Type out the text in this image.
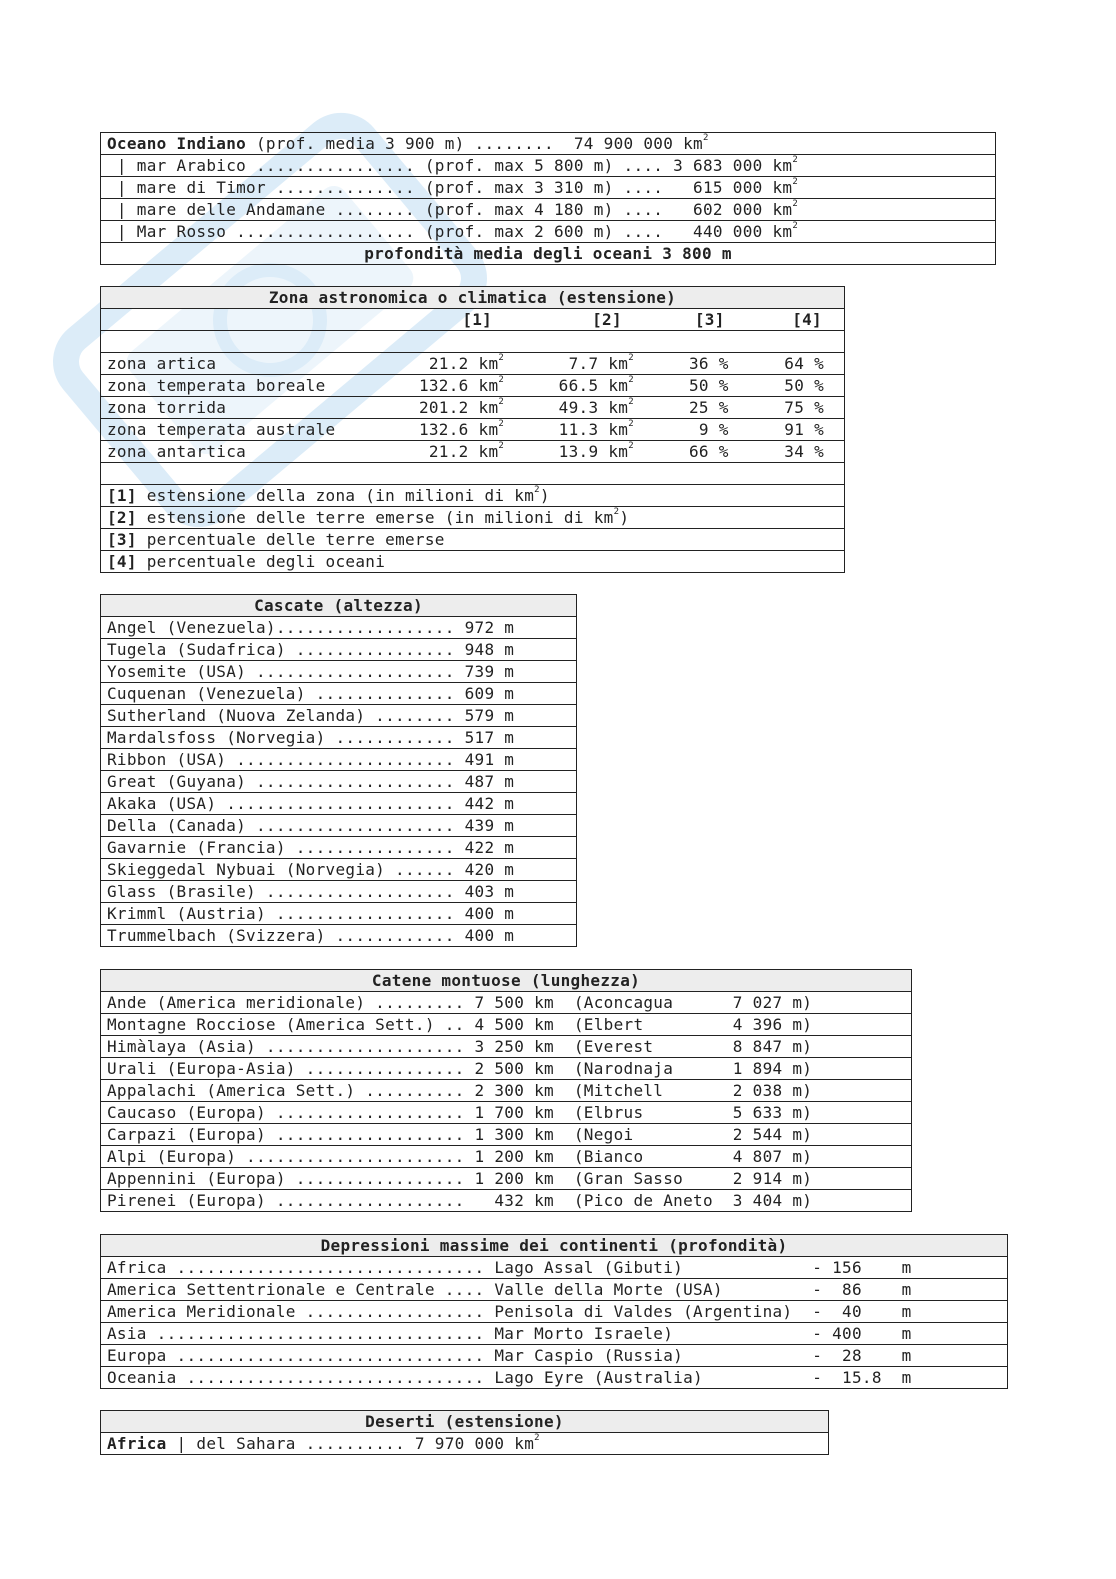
Oceano Indiano (prof. media 3 900 m) ........  74 900 000 $km^2$
| mar Arabico ................ (prof. max 5 800 m) .... 3 683 000 $km^2$
| mare di Timor .............. (prof. max 3 310 m) ....   615 000 $km^2$
| mare delle Andamane ........ (prof. max 4 180 m) ....   602 000 $km^2$
| Mar Rosso .................. (prof. max 2 600 m) ....   440 000 $km^2$
profondità media degli oceani 3 800 m
Zona astronomica o climatica (estensione)				
	[1]	[2]	[3]	[4]

zona artica	21.2 $km^2$	7.7 $km^2$	36 %	64 %
zona temperata boreale	132.6 $km^2$	66.5 $km^2$	50 %	50 %
zona torrida	201.2 $km^2$	49.3 $km^2$	25 %	75 %
zona temperata australe	132.6 $km^2$	11.3 $km^2$	9 %	91 %
zona antartica	21.2 $km^2$	13.9 $km^2$	66 %	34 %

[1] estensione della zona (in milioni di $km^2$)				
[2] estensione delle terre emerse (in milioni di $km^2$)				
[3] percentuale delle terre emerse				
[4] percentuale degli oceani				
Cascate (altezza)
Angel (Venezuela).................. 972 m
Tugela (Sudafrica) ................ 948 m
Yosemite (USA) .................... 739 m
Cuquenan (Venezuela) .............. 609 m
Sutherland (Nuova Zelanda) ........ 579 m
Mardalsfoss (Norvegia) ............ 517 m
Ribbon (USA) ...................... 491 m
Great (Guyana) .................... 487 m
Akaka (USA) ....................... 442 m
Della (Canada) .................... 439 m
Gavarnie (Francia) ................ 422 m
Skieggedal Nybuai (Norvegia) ...... 420 m
Glass (Brasile) ................... 403 m
Krimml (Austria) .................. 400 m
Trummelbach (Svizzera) ............ 400 m
Catene montuose (lunghezza)
Ande (America meridionale) ......... 7 500 km  (Aconcagua      7 027 m)
Montagne Rocciose (America Sett.) .. 4 500 km  (Elbert         4 396 m)
Himàlaya (Asia) .................... 3 250 km  (Everest        8 847 m)
Urali (Europa-Asia) ................ 2 500 km  (Narodnaja      1 894 m)
Appalachi (America Sett.) .......... 2 300 km  (Mitchell       2 038 m)
Caucaso (Europa) ................... 1 700 km  (Elbrus         5 633 m)
Carpazi (Europa) ................... 1 300 km  (Negoi          2 544 m)
Alpi (Europa) ...................... 1 200 km  (Bianco         4 807 m)
Appennini (Europa) ................. 1 200 km  (Gran Sasso     2 914 m)
Pirenei (Europa) ...................   432 km  (Pico de Aneto  3 404 m)
Depressioni massime dei continenti (profondità)
Africa ............................... Lago Assal (Gibuti)             - 156    m
America Settentrionale e Centrale .... Valle della Morte (USA)         -  86    m
America Meridionale .................. Penisola di Valdes (Argentina)  -  40    m
Asia ................................. Mar Morto Israele)              - 400    m
Europa ............................... Mar Caspio (Russia)             -  28    m
Oceania .............................. Lago Eyre (Australia)           -  15.8  m
Deserti (estensione)
Africa | del Sahara .......... 7 970 000 $km^2$
